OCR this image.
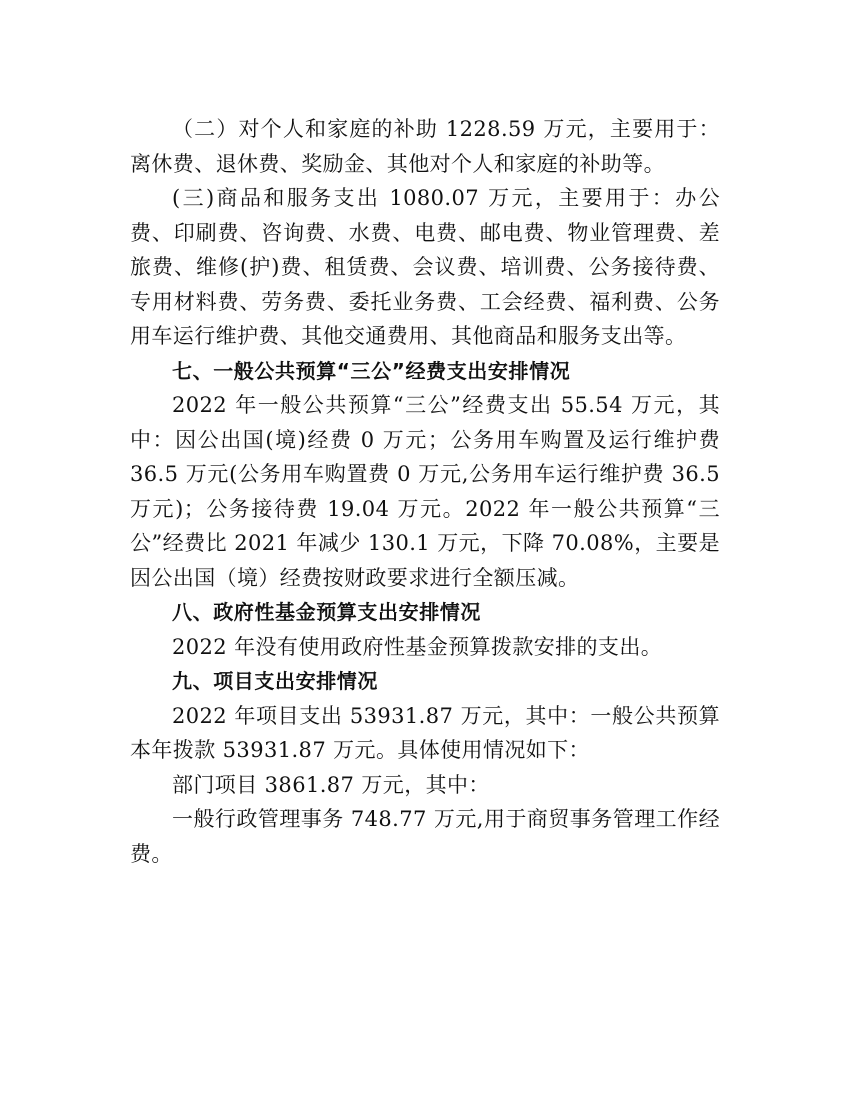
（二）对个人和家庭的补助 1228.59 万元，主要用于：离休费、退休费、奖励金、其他对个人和家庭的补助等。

(三)商品和服务支出 1080.07 万元，主要用于：办公费、印刷费、咨询费、水费、电费、邮电费、物业管理费、差旅费、维修(护)费、租赁费、会议费、培训费、公务接待费、专用材料费、劳务费、委托业务费、工会经费、福利费、公务用车运行维护费、其他交通费用、其他商品和服务支出等。

七、一般公共预算“三公”经费支出安排情况

2022 年一般公共预算“三公”经费支出 55.54 万元，其中：因公出国(境)经费 0 万元；公务用车购置及运行维护费 36.5 万元(公务用车购置费 0 万元,公务用车运行维护费 36.5 万元)；公务接待费 19.04 万元。2022 年一般公共预算“三公”经费比 2021 年减少 130.1 万元，下降 70.08%，主要是因公出国（境）经费按财政要求进行全额压减。

八、政府性基金预算支出安排情况

2022 年没有使用政府性基金预算拨款安排的支出。

九、项目支出安排情况

2022 年项目支出 53931.87 万元，其中：一般公共预算本年拨款 53931.87 万元。具体使用情况如下：

部门项目 3861.87 万元，其中：

一般行政管理事务 748.77 万元,用于商贸事务管理工作经费。
